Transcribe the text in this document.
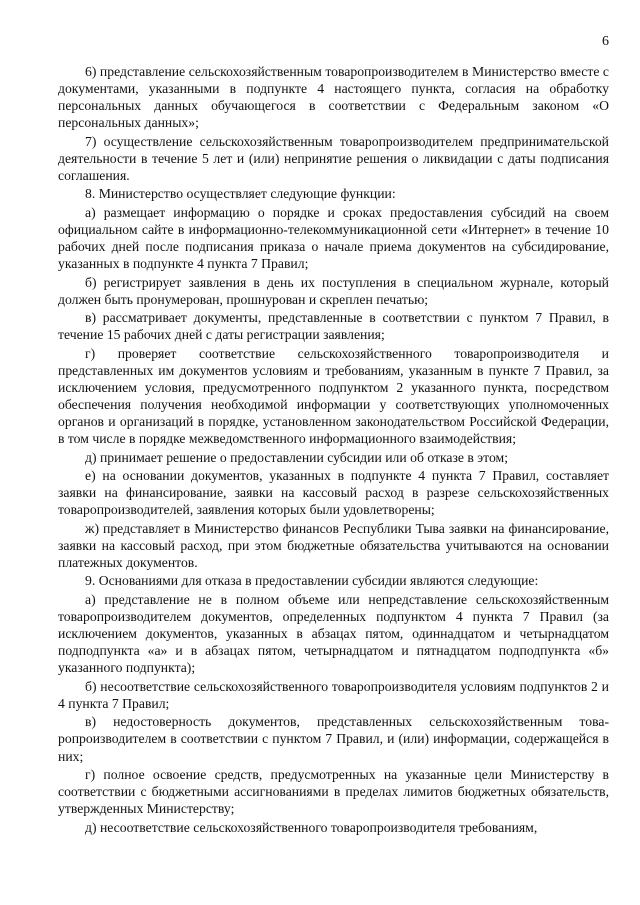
6

6) представление сельскохозяйственным товаропроизводителем в Министерство вместе с документами, указанными в подпункте 4 настоящего пункта, согласия на обработку персональных данных обучающегося в соответствии с Федеральным законом «О персональных данных»;

7) осуществление сельскохозяйственным товаропроизводителем предпринимательской деятельности в течение 5 лет и (или) непринятие решения о ликвидации с даты подписания соглашения.

8. Министерство осуществляет следующие функции:

а) размещает информацию о порядке и сроках предоставления субсидий на своем официальном сайте в информационно-телекоммуникационной сети «Интернет» в течение 10 рабочих дней после подписания приказа о начале приема документов на субсидирование, указанных в подпункте 4 пункта 7 Правил;

б) регистрирует заявления в день их поступления в специальном журнале, который должен быть пронумерован, прошнурован и скреплен печатью;

в) рассматривает документы, представленные в соответствии с пунктом 7 Правил, в течение 15 рабочих дней с даты регистрации заявления;

г) проверяет соответствие сельскохозяйственного товаропроизводителя и представленных им документов условиям и требованиям, указанным в пункте 7 Правил, за исключением условия, предусмотренного подпунктом 2 указанного пункта, посредством обеспечения получения необходимой информации у соответствующих уполномоченных органов и организаций в порядке, установленном законодательством Российской Федерации, в том числе в порядке межведомственного информационного взаимодействия;

д) принимает решение о предоставлении субсидии или об отказе в этом;

е) на основании документов, указанных в подпункте 4 пункта 7 Правил, составляет заявки на финансирование, заявки на кассовый расход в разрезе сельскохозяйственных товаропроизводителей, заявления которых были удовлетворены;

ж) представляет в Министерство финансов Республики Тыва заявки на финансирование, заявки на кассовый расход, при этом бюджетные обязательства учитываются на основании платежных документов.

9. Основаниями для отказа в предоставлении субсидии являются следующие:

а) представление не в полном объеме или непредставление сельскохозяйственным товаропроизводителем документов, определенных подпунктом 4 пункта 7 Правил (за исключением документов, указанных в абзацах пятом, одиннадцатом и четырнадцатом подподпункта «а» и в абзацах пятом, четырнадцатом и пятнадцатом подподпункта «б» указанного подпункта);

б) несоответствие сельскохозяйственного товаропроизводителя условиям подпунктов 2 и 4 пункта 7 Правил;

в) недостоверность документов, представленных сельскохозяйственным товаропроизводителем в соответствии с пунктом 7 Правил, и (или) информации, содержащейся в них;

г) полное освоение средств, предусмотренных на указанные цели Министерству в соответствии с бюджетными ассигнованиями в пределах лимитов бюджетных обязательств, утвержденных Министерству;

д) несоответствие сельскохозяйственного товаропроизводителя требованиям,
